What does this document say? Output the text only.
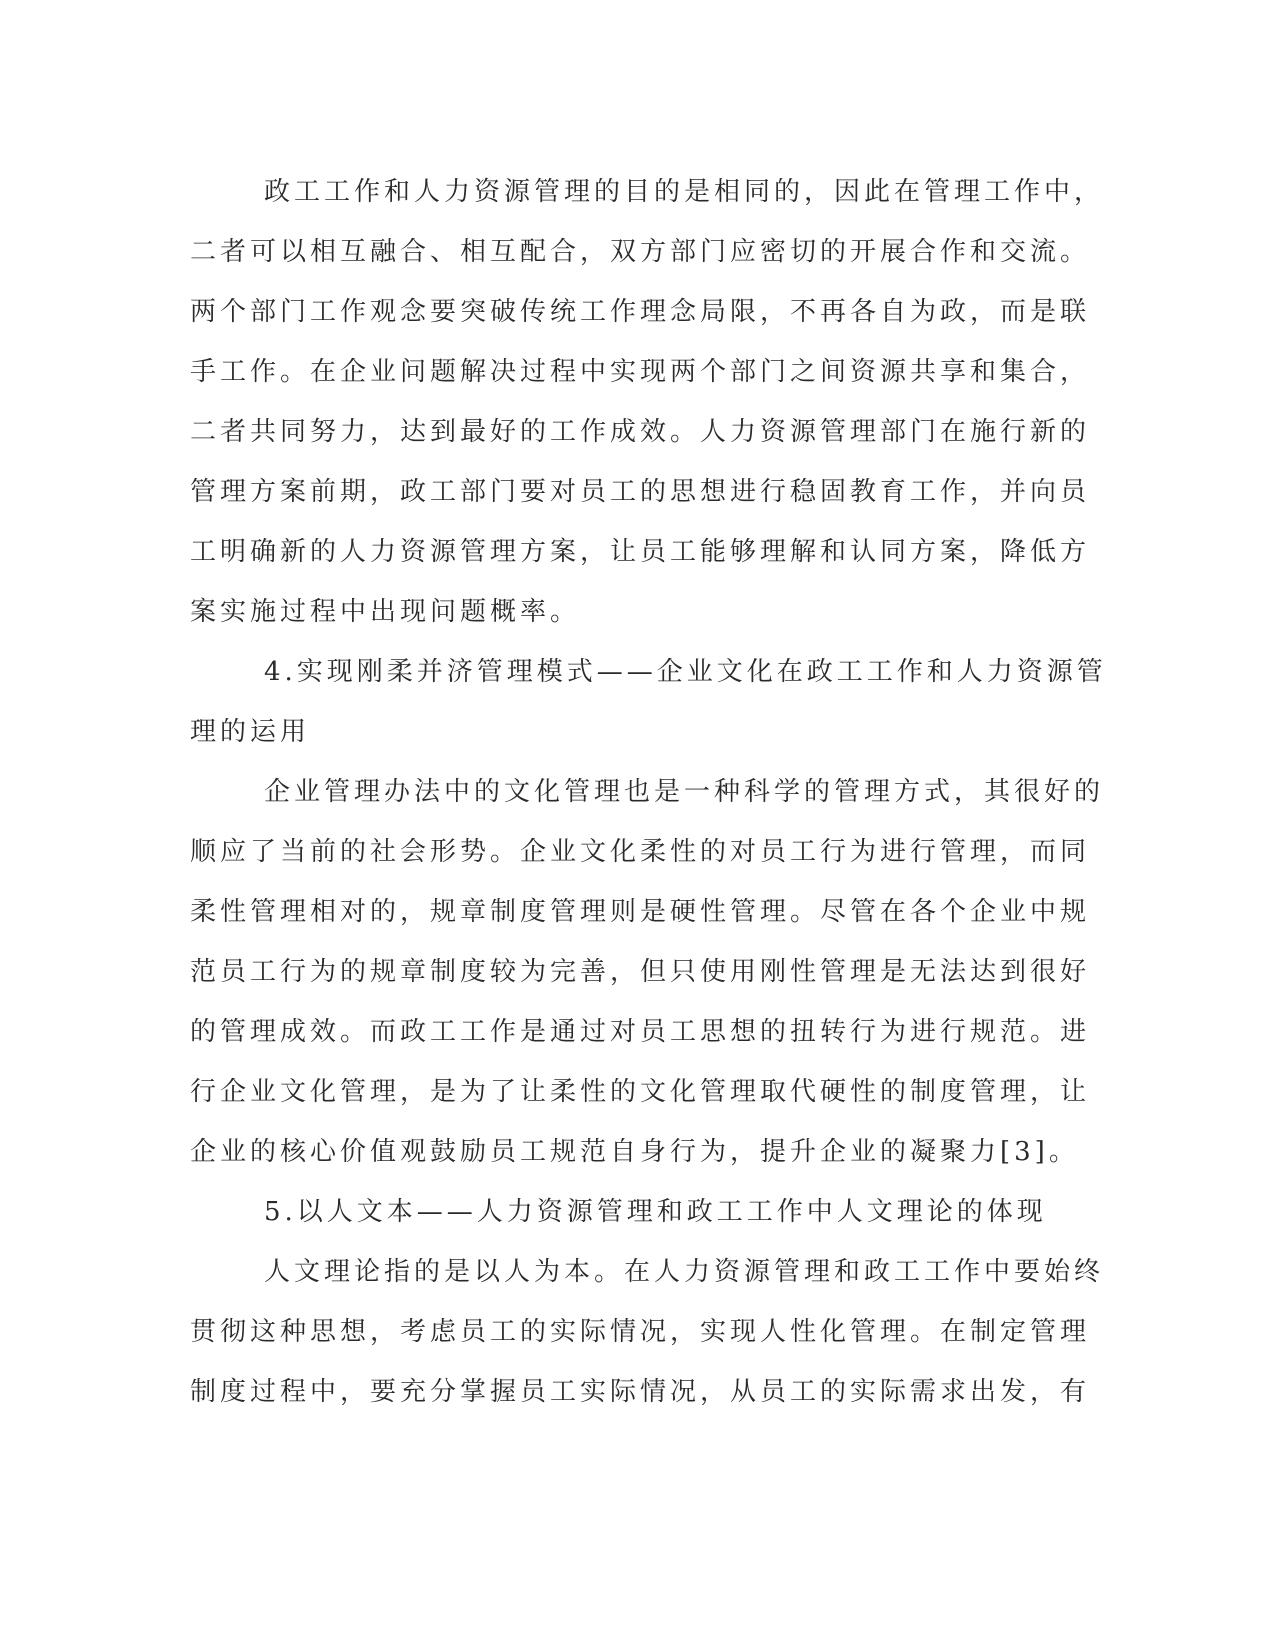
政工工作和人力资源管理的目的是相同的，因此在管理工作中，
二者可以相互融合、相互配合，双方部门应密切的开展合作和交流。
两个部门工作观念要突破传统工作理念局限，不再各自为政，而是联
手工作。在企业问题解决过程中实现两个部门之间资源共享和集合，
二者共同努力，达到最好的工作成效。人力资源管理部门在施行新的
管理方案前期，政工部门要对员工的思想进行稳固教育工作，并向员
工明确新的人力资源管理方案，让员工能够理解和认同方案，降低方
案实施过程中出现问题概率。
4.实现刚柔并济管理模式——企业文化在政工工作和人力资源管
理的运用
企业管理办法中的文化管理也是一种科学的管理方式，其很好的
顺应了当前的社会形势。企业文化柔性的对员工行为进行管理，而同
柔性管理相对的，规章制度管理则是硬性管理。尽管在各个企业中规
范员工行为的规章制度较为完善，但只使用刚性管理是无法达到很好
的管理成效。而政工工作是通过对员工思想的扭转行为进行规范。进
行企业文化管理，是为了让柔性的文化管理取代硬性的制度管理，让
企业的核心价值观鼓励员工规范自身行为，提升企业的凝聚力[3]。
5.以人文本——人力资源管理和政工工作中人文理论的体现
人文理论指的是以人为本。在人力资源管理和政工工作中要始终
贯彻这种思想，考虑员工的实际情况，实现人性化管理。在制定管理
制度过程中，要充分掌握员工实际情况，从员工的实际需求出发，有
